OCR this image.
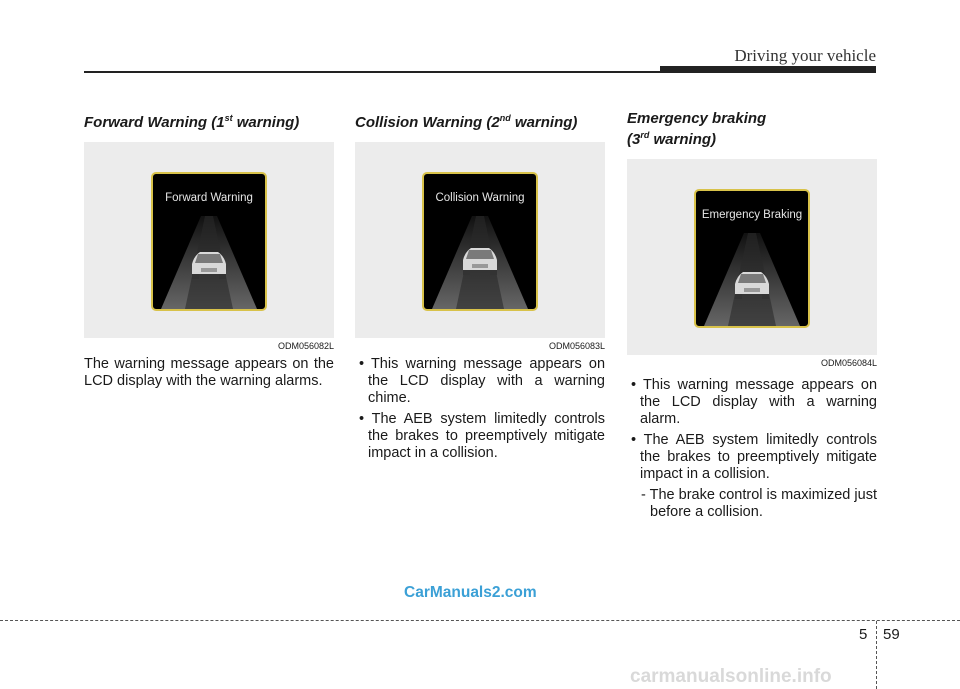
Driving your vehicle
Forward Warning (1st warning)
Forward Warning
ODM056082L
The warning message appears on the LCD display with the warning alarms.
Collision Warning (2nd warning)
Collision Warning
ODM056083L
• This warning message appears on the LCD display with a warning chime.
• The AEB system limitedly controls the brakes to preemptively mitigate impact in a collision.
Emergency braking
(3rd warning)
Emergency Braking
ODM056084L
• This warning message appears on the LCD display with a warning alarm.
• The AEB system limitedly controls the brakes to preemptively mitigate impact in a collision.
- The brake control is maximized just before a collision.
CarManuals2.com
5 59
carmanualsonline.info
